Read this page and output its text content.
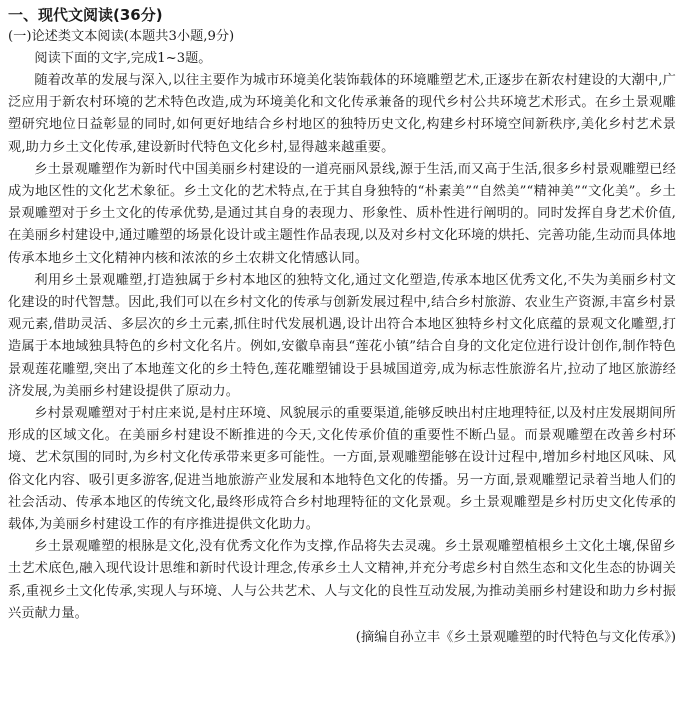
一、现代文阅读(36分)

(一)论述类文本阅读(本题共3小题,9分)

阅读下面的文字,完成1~3题。

随着改革的发展与深入,以往主要作为城市环境美化装饰载体的环境雕塑艺术,正逐步在新农村建设的大潮中,广泛应用于新农村环境的艺术特色改造,成为环境美化和文化传承兼备的现代乡村公共环境艺术形式。在乡土景观雕塑研究地位日益彰显的同时,如何更好地结合乡村地区的独特历史文化,构建乡村环境空间新秩序,美化乡村艺术景观,助力乡土文化传承,建设新时代特色文化乡村,显得越来越重要。

乡土景观雕塑作为新时代中国美丽乡村建设的一道亮丽风景线,源于生活,而又高于生活,很多乡村景观雕塑已经成为地区性的文化艺术象征。乡土文化的艺术特点,在于其自身独特的“朴素美”“自然美”“精神美”“文化美”。乡土景观雕塑对于乡土文化的传承优势,是通过其自身的表现力、形象性、质朴性进行阐明的。同时发挥自身艺术价值,在美丽乡村建设中,通过雕塑的场景化设计或主题性作品表现,以及对乡村文化环境的烘托、完善功能,生动而具体地传承本地乡土文化精神内核和浓浓的乡土农耕文化情感认同。

利用乡土景观雕塑,打造独属于乡村本地区的独特文化,通过文化塑造,传承本地区优秀文化,不失为美丽乡村文化建设的时代智慧。因此,我们可以在乡村文化的传承与创新发展过程中,结合乡村旅游、农业生产资源,丰富乡村景观元素,借助灵活、多层次的乡土元素,抓住时代发展机遇,设计出符合本地区独特乡村文化底蕴的景观文化雕塑,打造属于本地域独具特色的乡村文化名片。例如,安徽阜南县“莲花小镇”结合自身的文化定位进行设计创作,制作特色景观莲花雕塑,突出了本地莲文化的乡土特色,莲花雕塑铺设于县城国道旁,成为标志性旅游名片,拉动了地区旅游经济发展,为美丽乡村建设提供了原动力。

乡村景观雕塑对于村庄来说,是村庄环境、风貌展示的重要渠道,能够反映出村庄地理特征,以及村庄发展期间所形成的区域文化。在美丽乡村建设不断推进的今天,文化传承价值的重要性不断凸显。而景观雕塑在改善乡村环境、艺术氛围的同时,为乡村文化传承带来更多可能性。一方面,景观雕塑能够在设计过程中,增加乡村地区风味、风俗文化内容、吸引更多游客,促进当地旅游产业发展和本地特色文化的传播。另一方面,景观雕塑记录着当地人们的社会活动、传承本地区的传统文化,最终形成符合乡村地理特征的文化景观。乡土景观雕塑是乡村历史文化传承的载体,为美丽乡村建设工作的有序推进提供文化助力。

乡土景观雕塑的根脉是文化,没有优秀文化作为支撑,作品将失去灵魂。乡土景观雕塑植根乡土文化土壤,保留乡土艺术底色,融入现代设计思维和新时代设计理念,传承乡土人文精神,并充分考虑乡村自然生态和文化生态的协调关系,重视乡土文化传承,实现人与环境、人与公共艺术、人与文化的良性互动发展,为推动美丽乡村建设和助力乡村振兴贡献力量。

(摘编自孙立丰《乡土景观雕塑的时代特色与文化传承》)
